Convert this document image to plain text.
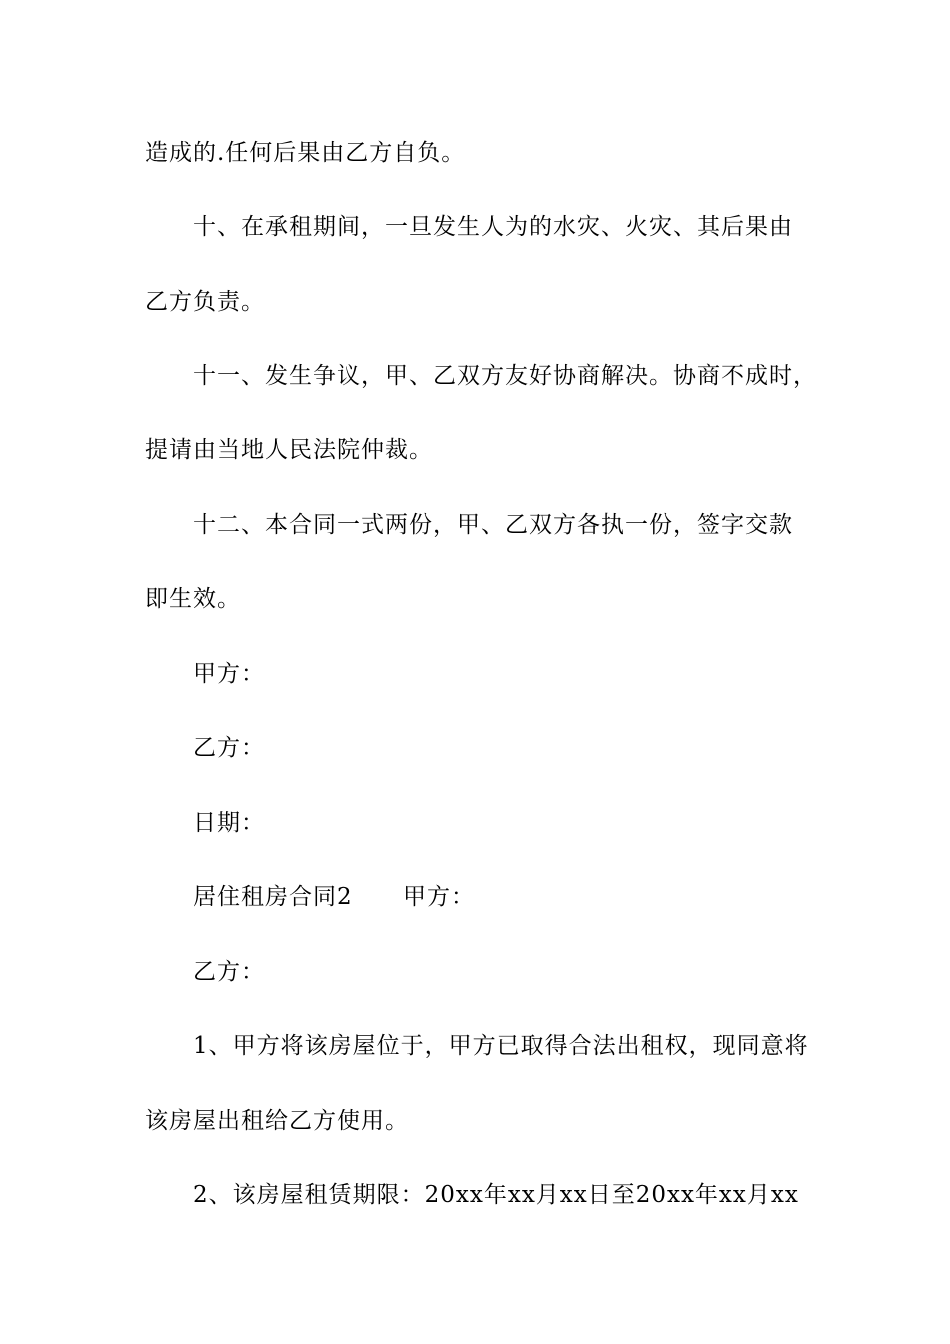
造成的.任何后果由乙方自负。
十、在承租期间，一旦发生人为的水灾、火灾、其后果由
乙方负责。
十一、发生争议，甲、乙双方友好协商解决。协商不成时，
提请由当地人民法院仲裁。
十二、本合同一式两份，甲、乙双方各执一份，签字交款
即生效。
甲方：
乙方：
日期：
居住租房合同2 甲方：
乙方：
1、甲方将该房屋位于，甲方已取得合法出租权，现同意将
该房屋出租给乙方使用。
2、该房屋租赁期限：20xx年xx月xx日至20xx年xx月xx
